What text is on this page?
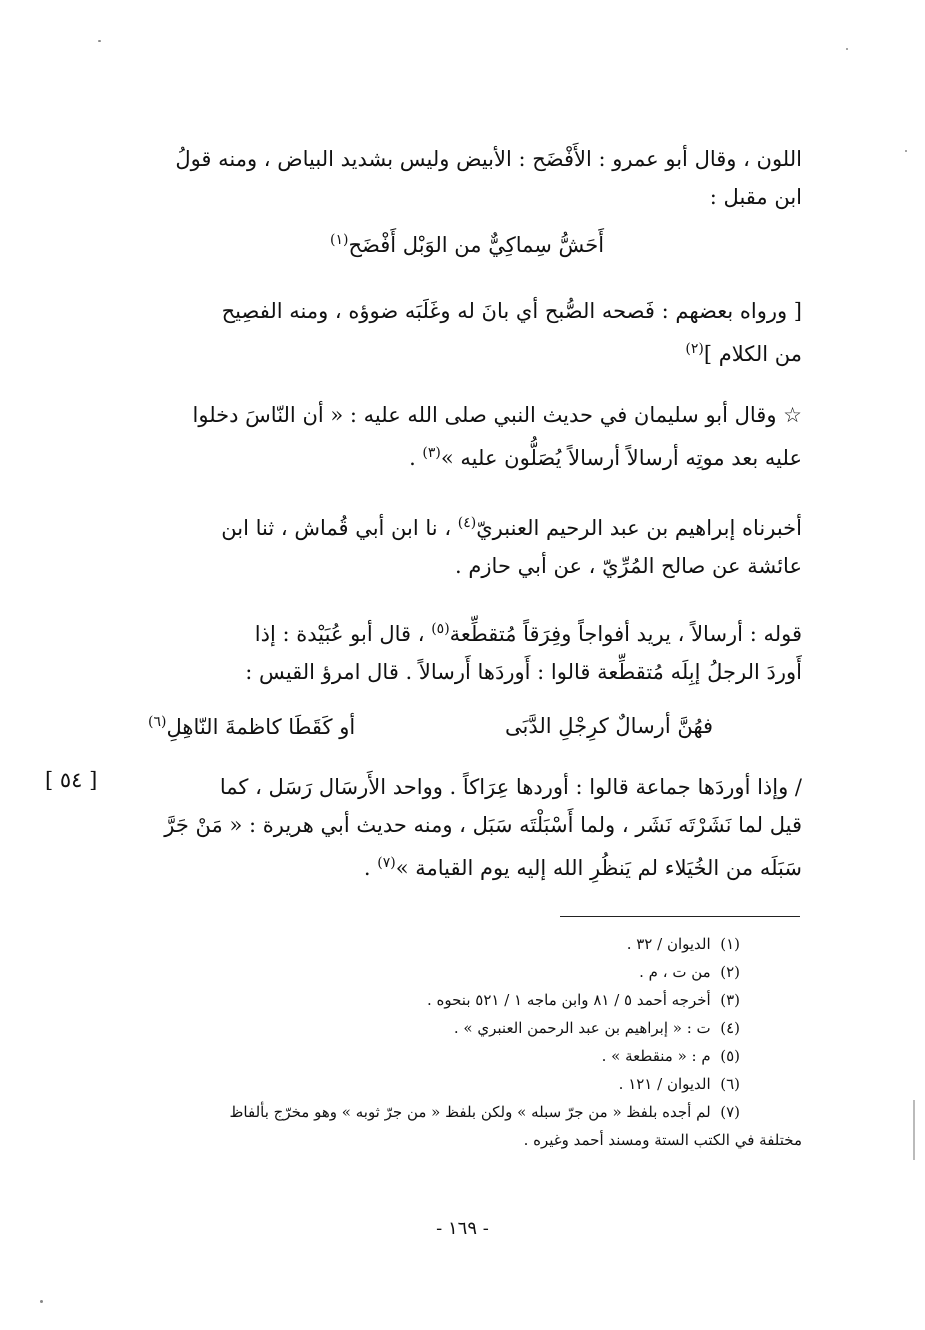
اللون ، وقال أبو عمرو : الأَفْضَح : الأبيض وليس بشديد البياض ، ومنه قولُ
ابن مقبل :
أَحَشُّ سِماكِيٌّ من الوَبْل أَفْضَح$^{(١)}$
[ ورواه بعضهم : فَصحه الصُّبح أي بانَ له وغَلَبَه ضوؤه ، ومنه الفصِيح
من الكلام ]$^{(٢)}$
☆ وقال أبو سليمان في حديث النبي صلى الله عليه : « أن النّاسَ دخلوا
عليه بعد موتِه أرسالاً أرسالاً يُصَلُّون عليه »$^{(٣)}$ .
أخبرناه إبراهيم بن عبد الرحيم العنبريّ$^{(٤)}$ ، نا ابن أبي قُماش ، ثنا ابن
عائشة عن صالح المُرِّيّ ، عن أبي حازم .
قوله : أرسالاً ، يريد أفواجاً وفِرَقاً مُتقطِّعة$^{(٥)}$ ، قال أبو عُبَيْدة : إذا
أَوردَ الرجلُ إبِلَه مُتقطِّعة قالوا : أَوردَها أَرسالاً . قال امرؤ القيس :
فهُنَّ أرسالٌ كرِجْلِ الدَّبَى
أو كَقَطَا كاظمةَ النّاهِلِ$^{(٦)}$
[ ٥٤ ]	/ وإذا أوردَها جماعة قالوا : أوردها عِرَاكاً . وواحد الأَرسَال رَسَل ، كما
قيل لما نَشَرْتَه نَشَر ، ولما أَسْبَلْتَه سَبَل ، ومنه حديث أبي هريرة : « مَنْ جَرَّ
سَبَلَه من الخُيَلاء لم يَنظُرِ الله إليه يوم القيامة »$^{(٧)}$ .
(١)  الديوان / ٣٢ .
(٢)  من ت ، م .
(٣)  أخرجه أحمد ٥ / ٨١ وابن ماجه ١ / ٥٢١ بنحوه .
(٤)  ت : « إبراهيم بن عبد الرحمن العنبري » .
(٥)  م : « منقطعة » .
(٦)  الديوان / ١٢١ .
(٧)  لم أجده بلفظ « من جرّ سبله » ولكن بلفظ « من جرّ ثوبه » وهو مخرّج بألفاظ
مختلفة في الكتب الستة ومسند أحمد وغيره .
- ١٦٩ -
